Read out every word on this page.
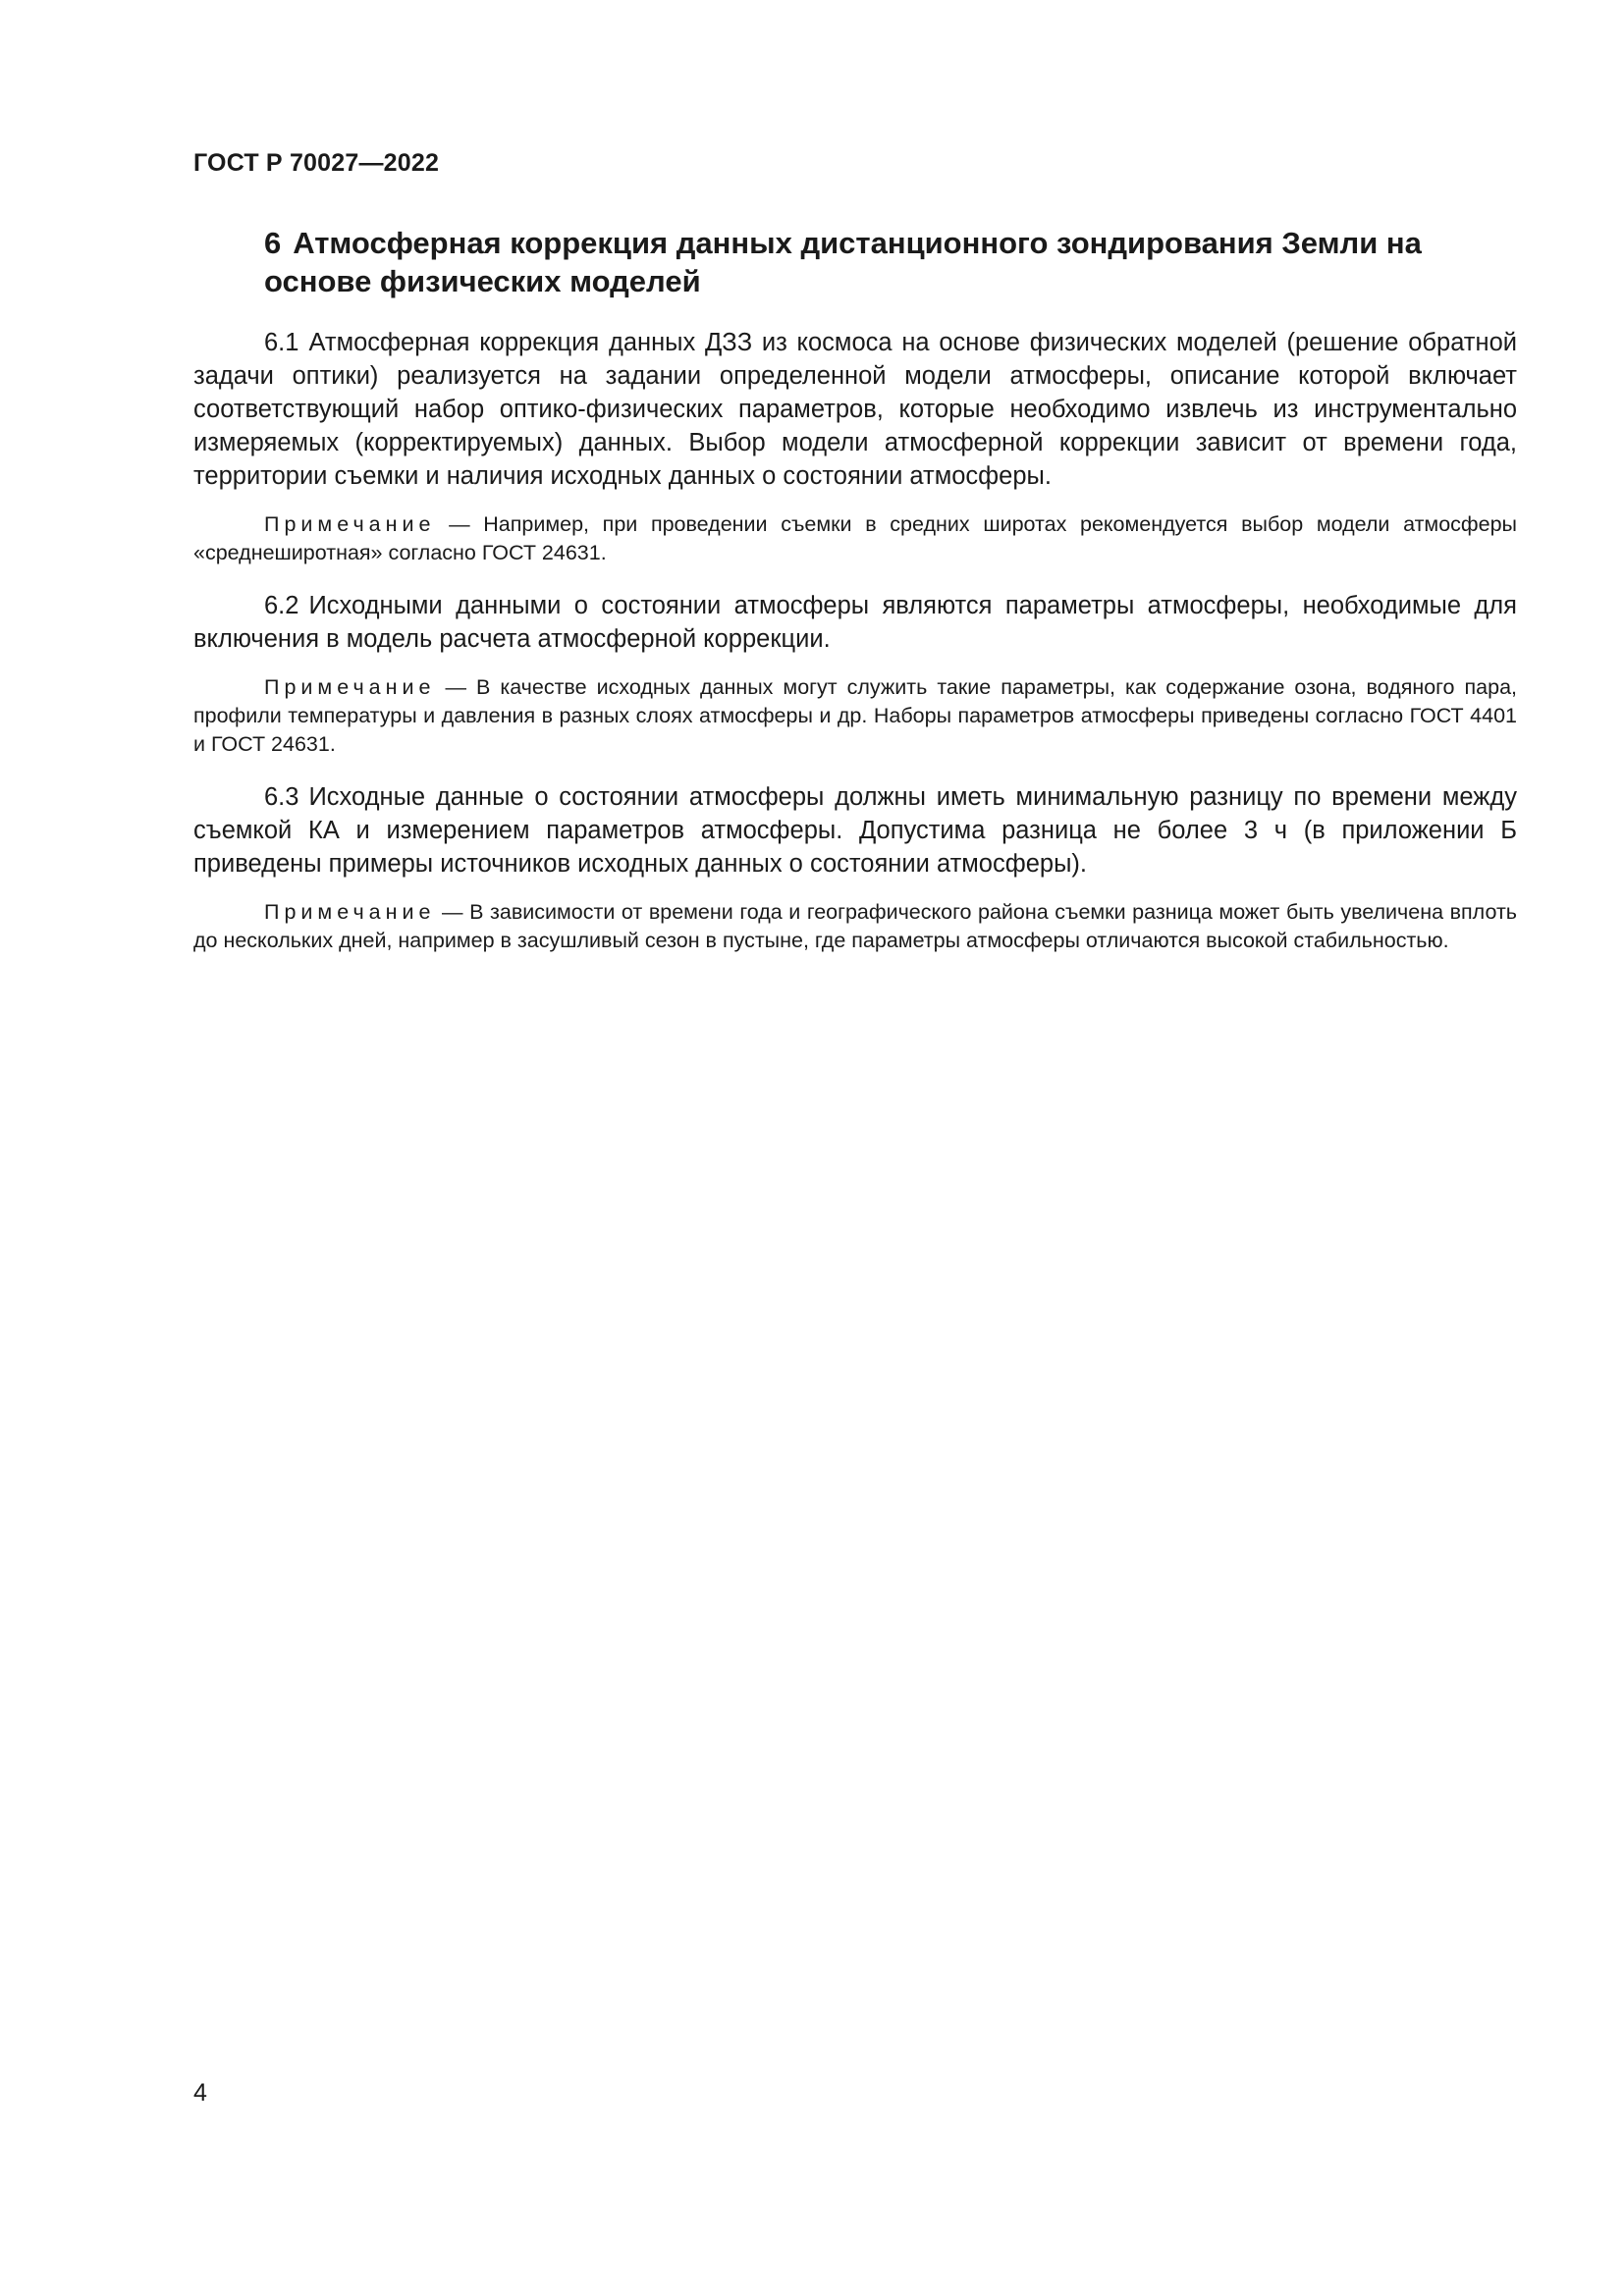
ГОСТ Р 70027—2022
6 Атмосферная коррекция данных дистанционного зондирования Земли на основе физических моделей

6.1 Атмосферная коррекция данных ДЗЗ из космоса на основе физических моделей (решение обратной задачи оптики) реализуется на задании определенной модели атмосферы, описание которой включает соответствующий набор оптико-физических параметров, которые необходимо извлечь из инструментально измеряемых (корректируемых) данных. Выбор модели атмосферной коррекции зависит от времени года, территории съемки и наличия исходных данных о состоянии атмосферы.

Примечание — Например, при проведении съемки в средних широтах рекомендуется выбор модели атмосферы «среднеширотная» согласно ГОСТ 24631.

6.2 Исходными данными о состоянии атмосферы являются параметры атмосферы, необходимые для включения в модель расчета атмосферной коррекции.

Примечание — В качестве исходных данных могут служить такие параметры, как содержание озона, водяного пара, профили температуры и давления в разных слоях атмосферы и др. Наборы параметров атмосферы приведены согласно ГОСТ 4401 и ГОСТ 24631.

6.3 Исходные данные о состоянии атмосферы должны иметь минимальную разницу по времени между съемкой КА и измерением параметров атмосферы. Допустима разница не более 3 ч (в приложении Б приведены примеры источников исходных данных о состоянии атмосферы).

Примечание — В зависимости от времени года и географического района съемки разница может быть увеличена вплоть до нескольких дней, например в засушливый сезон в пустыне, где параметры атмосферы отличаются высокой стабильностью.

4
